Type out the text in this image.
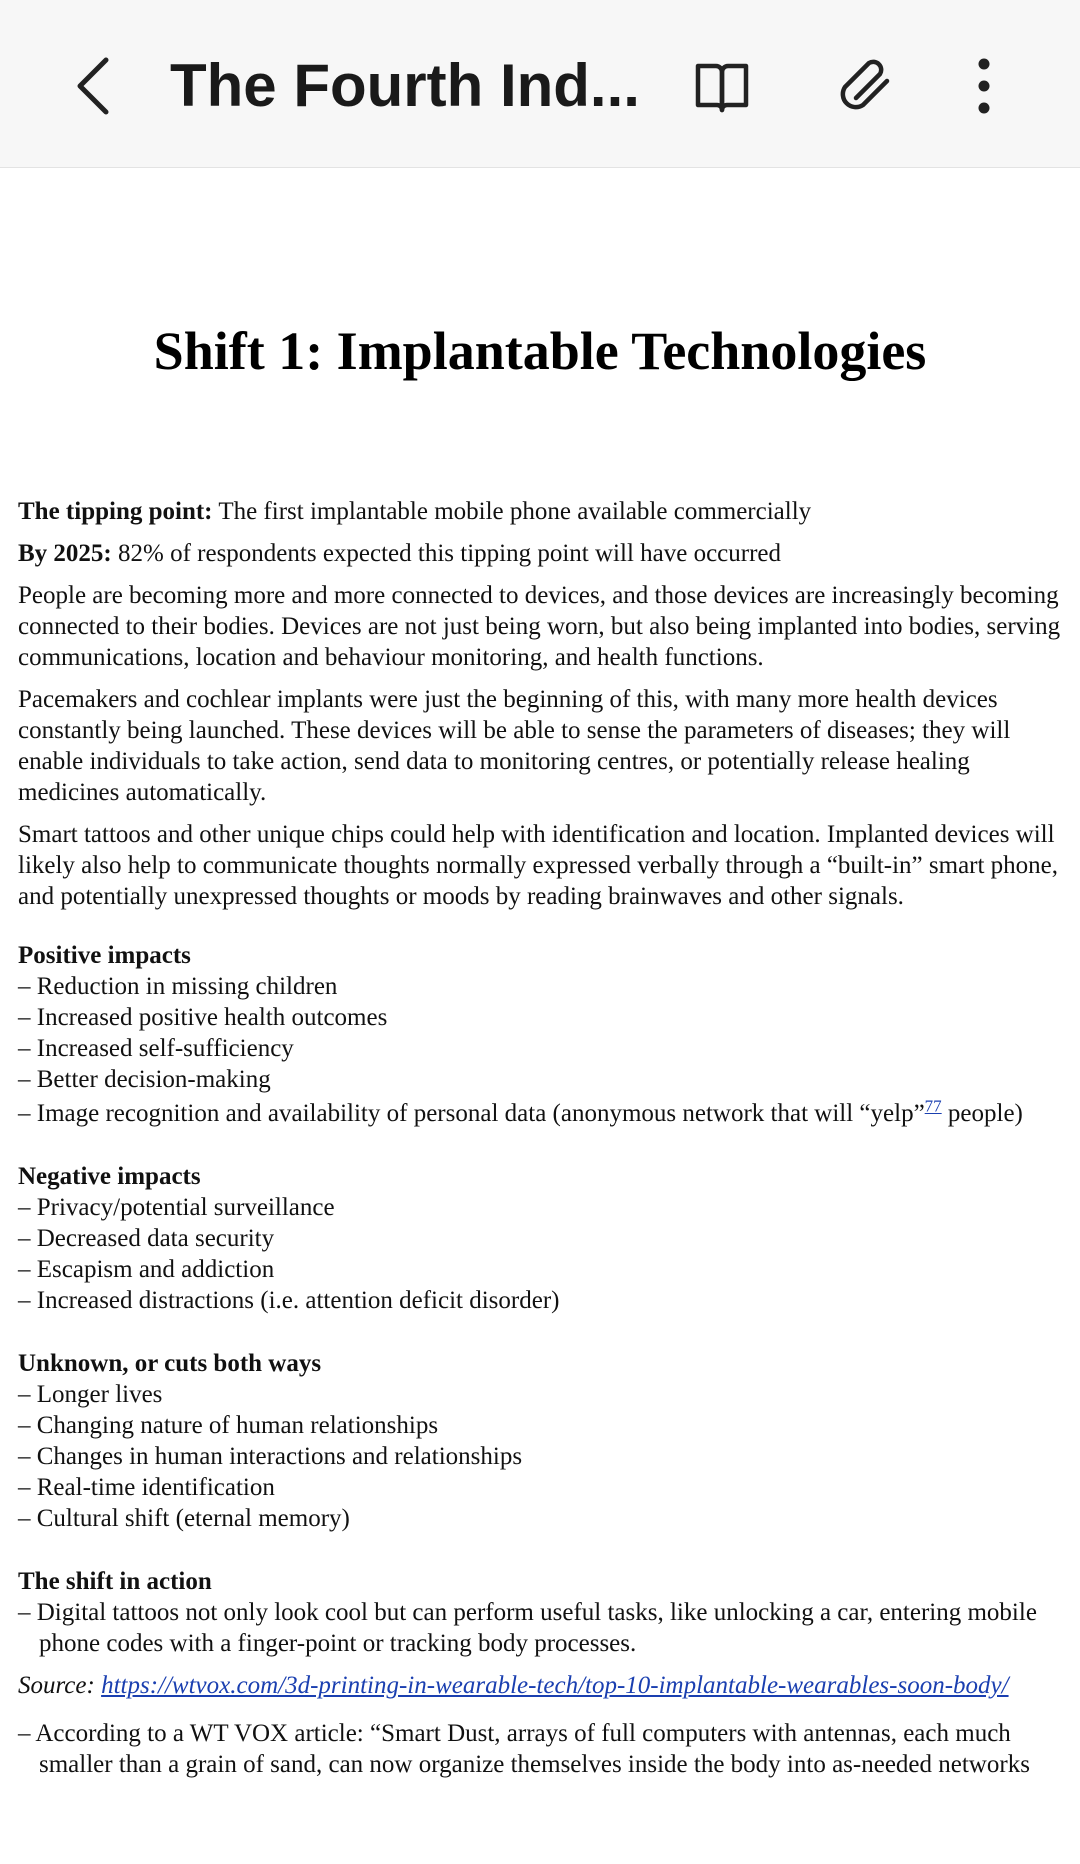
The Fourth Ind...
Shift 1: Implantable Technologies
The tipping point: The first implantable mobile phone available commercially
By 2025: 82% of respondents expected this tipping point will have occurred
People are becoming more and more connected to devices, and those devices are increasingly becoming connected to their bodies. Devices are not just being worn, but also being implanted into bodies, serving communications, location and behaviour monitoring, and health functions.
Pacemakers and cochlear implants were just the beginning of this, with many more health devices constantly being launched. These devices will be able to sense the parameters of diseases; they will enable individuals to take action, send data to monitoring centres, or potentially release healing medicines automatically.
Smart tattoos and other unique chips could help with identification and location. Implanted devices will likely also help to communicate thoughts normally expressed verbally through a “built-in” smart phone, and potentially unexpressed thoughts or moods by reading brainwaves and other signals.
Positive impacts
– Reduction in missing children
– Increased positive health outcomes
– Increased self-sufficiency
– Better decision-making
– Image recognition and availability of personal data (anonymous network that will “yelp”$^{77}$ people)
Negative impacts
– Privacy/potential surveillance
– Decreased data security
– Escapism and addiction
– Increased distractions (i.e. attention deficit disorder)
Unknown, or cuts both ways
– Longer lives
– Changing nature of human relationships
– Changes in human interactions and relationships
– Real-time identification
– Cultural shift (eternal memory)
The shift in action
– Digital tattoos not only look cool but can perform useful tasks, like unlocking a car, entering mobile phone codes with a finger-point or tracking body processes.
Source: https://wtvox.com/3d-printing-in-wearable-tech/top-10-implantable-wearables-soon-body/
– According to a WT VOX article: “Smart Dust, arrays of full computers with antennas, each much smaller than a grain of sand, can now organize themselves inside the body into as-needed networks
